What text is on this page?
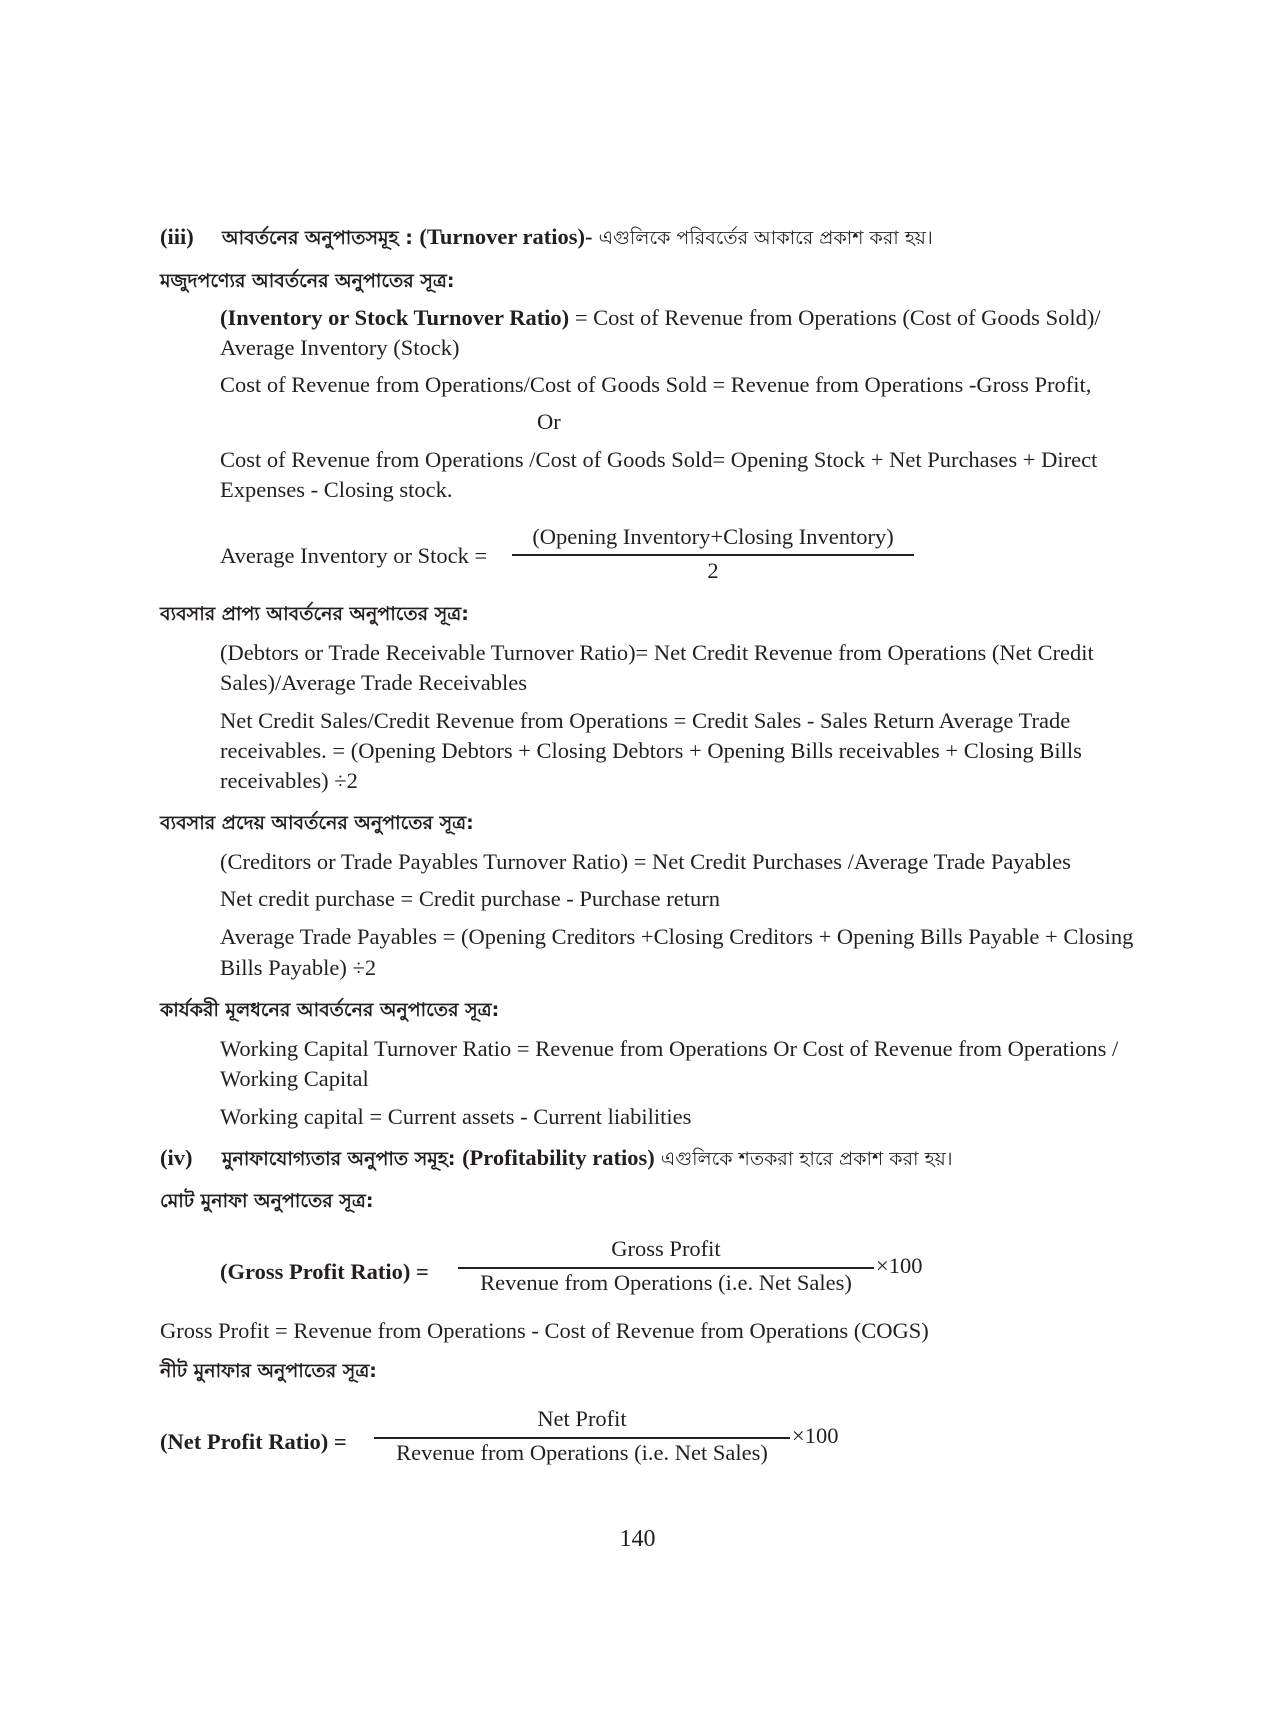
(iii) আবর্তনের অনুপাতসমূহ : (Turnover ratios)- এগুলিকে পরিবর্তের আকারে প্রকাশ করা হয়।
মজুদপণ্যের আবর্তনের অনুপাতের সূত্র:
(Inventory or Stock Turnover Ratio) = Cost of Revenue from Operations (Cost of Goods Sold)/
Average Inventory (Stock)
Cost of Revenue from Operations/Cost of Goods Sold = Revenue from Operations -Gross Profit,
Or
Cost of Revenue from Operations /Cost of Goods Sold= Opening Stock + Net Purchases + Direct
Expenses - Closing stock.
Average Inventory or Stock =
(Opening Inventory+Closing Inventory)
2
ব্যবসার প্রাপ্য আবর্তনের অনুপাতের সূত্র:
(Debtors or Trade Receivable Turnover Ratio)= Net Credit Revenue from Operations (Net Credit
Sales)/Average Trade Receivables
Net Credit Sales/Credit Revenue from Operations = Credit Sales - Sales Return Average Trade
receivables. = (Opening Debtors + Closing Debtors + Opening Bills receivables + Closing Bills
receivables) ÷2
ব্যবসার প্রদেয় আবর্তনের অনুপাতের সূত্র:
(Creditors or Trade Payables Turnover Ratio) = Net Credit Purchases /Average Trade Payables
Net credit purchase = Credit purchase - Purchase return
Average Trade Payables = (Opening Creditors +Closing Creditors + Opening Bills Payable + Closing
Bills Payable) ÷2
কার্যকরী মূলধনের আবর্তনের অনুপাতের সূত্র:
Working Capital Turnover Ratio = Revenue from Operations Or Cost of Revenue from Operations /
Working Capital
Working capital = Current assets - Current liabilities
(iv) মুনাফাযোগ্যতার অনুপাত সমূহ: (Profitability ratios) এগুলিকে শতকরা হারে প্রকাশ করা হয়।
মোট মুনাফা অনুপাতের সূত্র:
(Gross Profit Ratio) =
Gross Profit
Revenue from Operations (i.e. Net Sales)
×100
Gross Profit = Revenue from Operations - Cost of Revenue from Operations (COGS)
নীট মুনাফার অনুপাতের সূত্র:
(Net Profit Ratio) =
Net Profit
Revenue from Operations (i.e. Net Sales)
×100
140
